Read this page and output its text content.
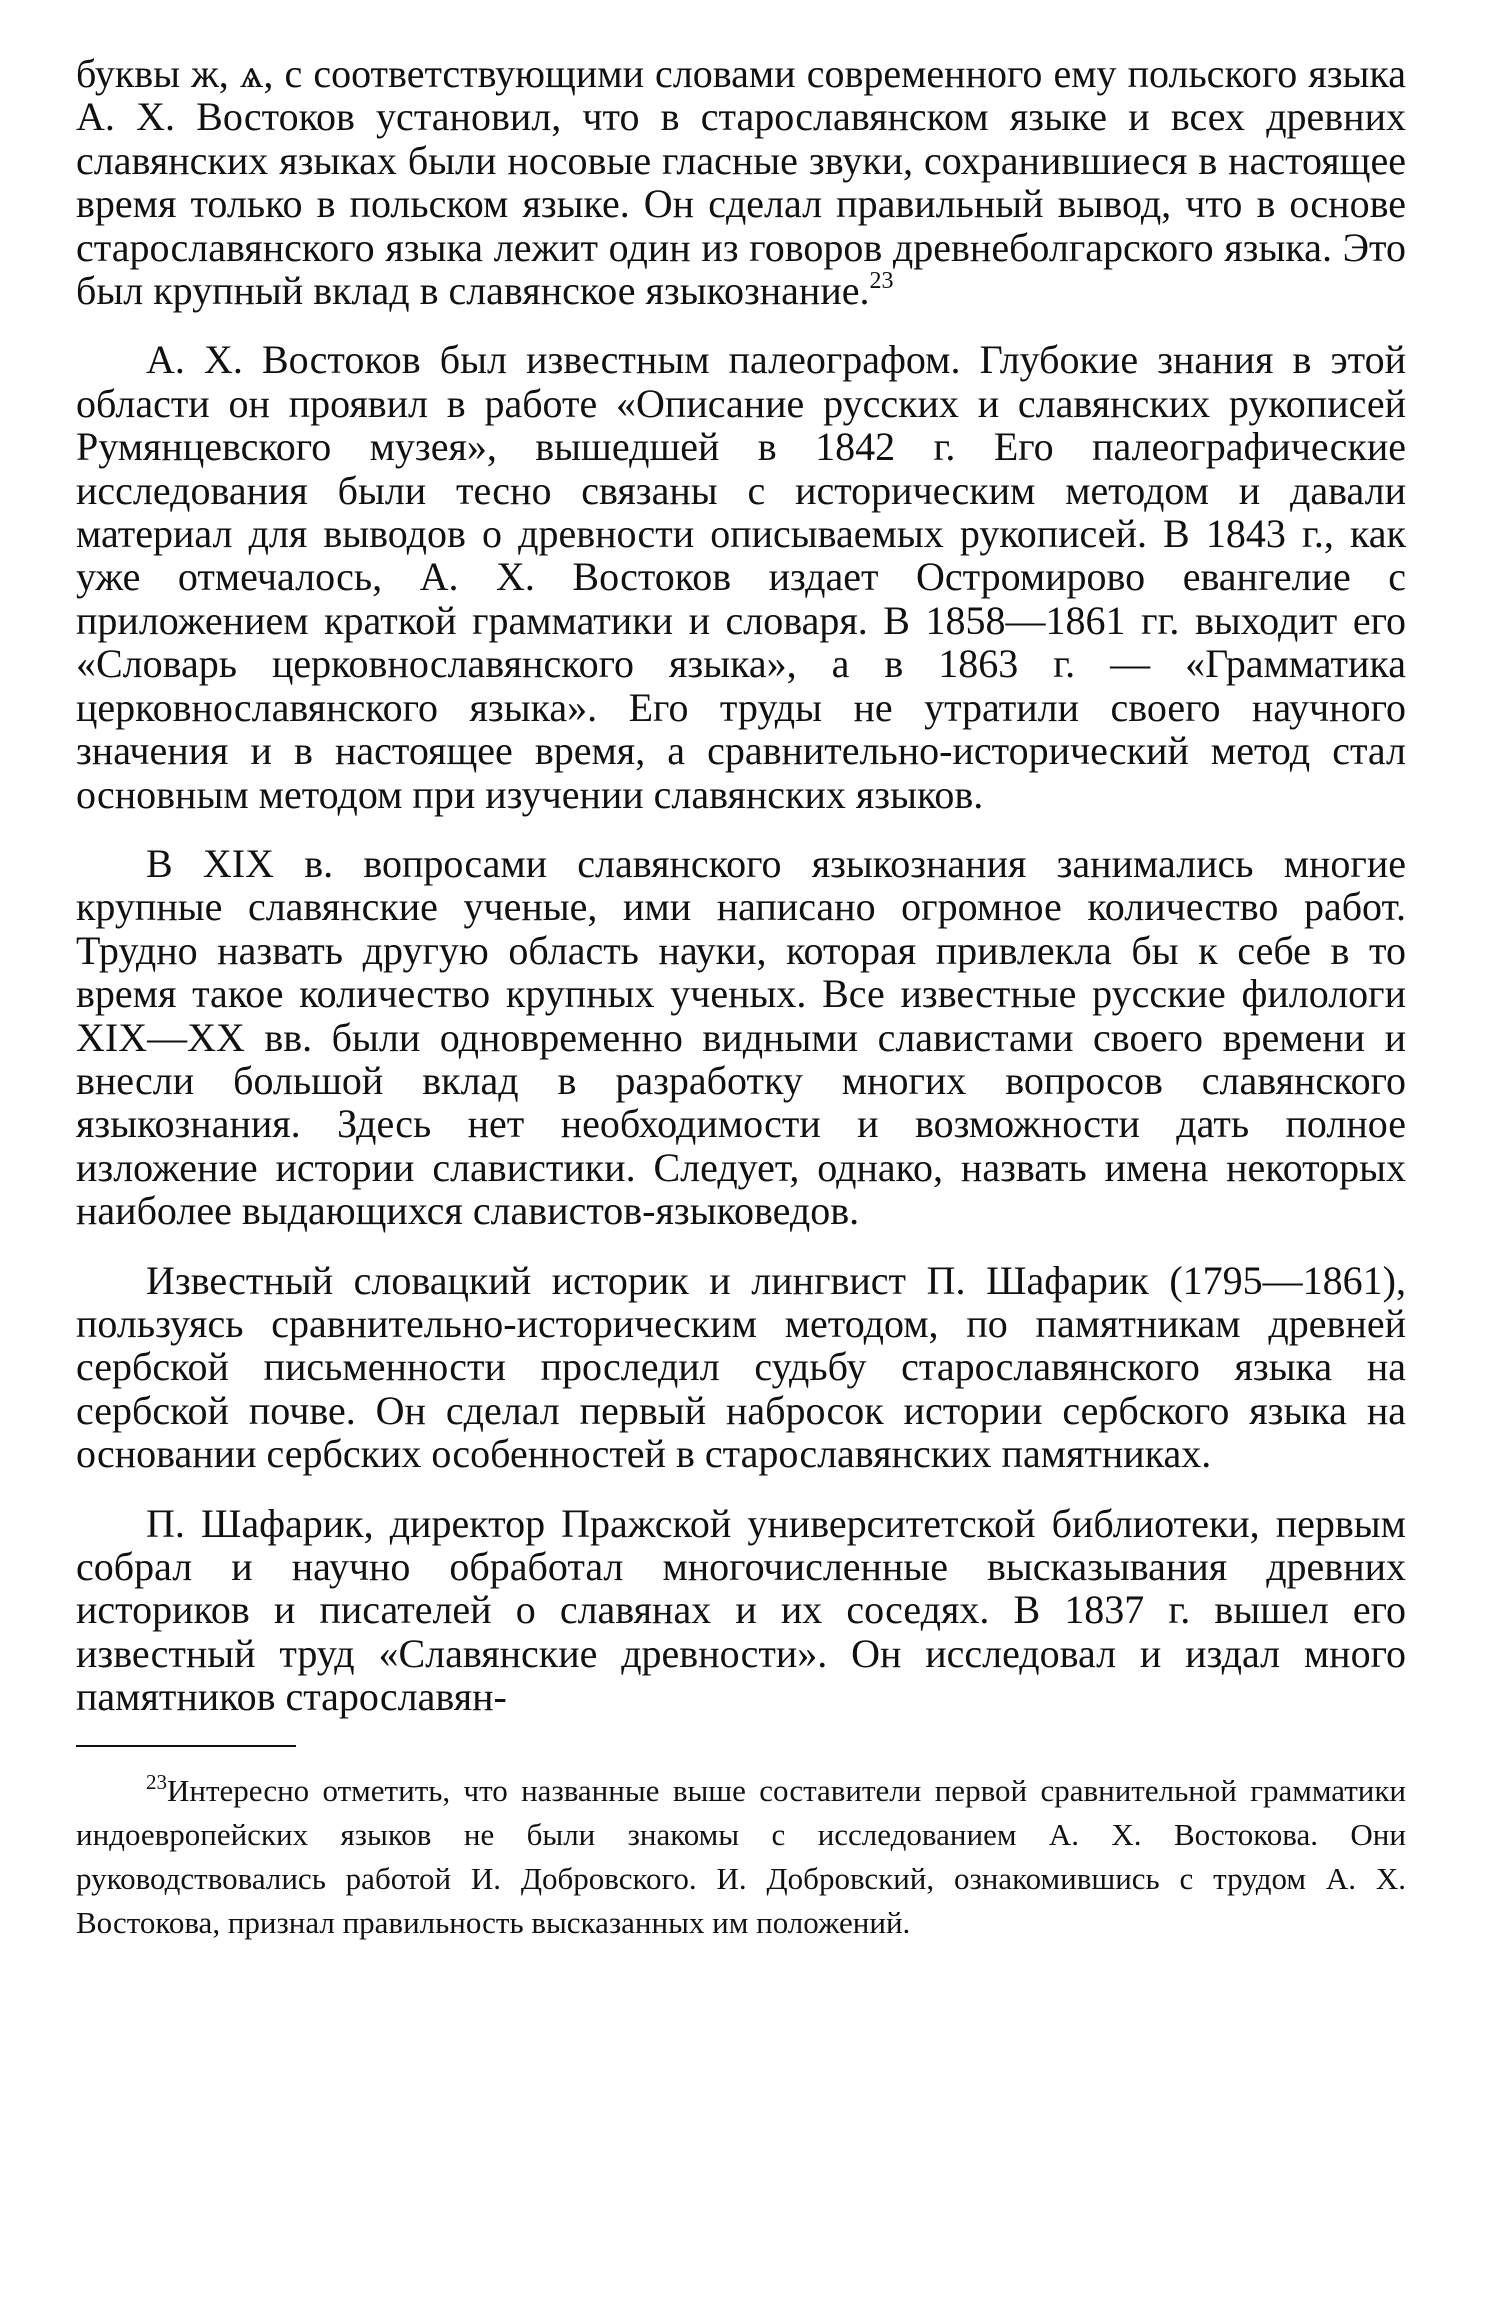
буквы ж, ѧ, с соответствующими словами современного ему польского языка А. Х. Востоков установил, что в старославянском языке и всех древних славянских языках были носовые гласные звуки, сохранившиеся в настоящее время только в польском языке. Он сделал правильный вывод, что в основе старославянского языка лежит один из говоров древнеболгарского языка. Это был крупный вклад в славянское языкознание.$^{23}$

А. Х. Востоков был известным палеографом. Глубокие знания в этой области он проявил в работе «Описание русских и славянских рукописей Румянцевского музея», вышедшей в 1842 г. Его палеографические исследования были тесно связаны с историческим методом и давали материал для выводов о древности описываемых рукописей. В 1843 г., как уже отмечалось, А. Х. Востоков издает Остромирово евангелие с приложением краткой грамматики и словаря. В 1858—1861 гг. выходит его «Словарь церковнославянского языка», а в 1863 г. — «Грамматика церковнославянского языка». Его труды не утратили своего научного значения и в настоящее время, а сравнительно-исторический метод стал основным методом при изучении славянских языков.

В XIX в. вопросами славянского языкознания занимались многие крупные славянские ученые, ими написано огромное количество работ. Трудно назвать другую область науки, которая привлекла бы к себе в то время такое количество крупных ученых. Все известные русские филологи XIX—XX вв. были одновременно видными славистами своего времени и внесли большой вклад в разработку многих вопросов славянского языкознания. Здесь нет необходимости и возможности дать полное изложение истории славистики. Следует, однако, назвать имена некоторых наиболее выдающихся славистов-языковедов.

Известный словацкий историк и лингвист П. Шафарик (1795—1861), пользуясь сравнительно-историческим методом, по памятникам древней сербской письменности проследил судьбу старославянского языка на сербской почве. Он сделал первый набросок истории сербского языка на основании сербских особенностей в старославянских памятниках.

П. Шафарик, директор Пражской университетской библиотеки, первым собрал и научно обработал многочисленные высказывания древних историков и писателей о славянах и их соседях. В 1837 г. вышел его известный труд «Славянские древности». Он исследовал и издал много памятников старославян-

$^{23}$Интересно отметить, что названные выше составители первой сравнительной грамматики индоевропейских языков не были знакомы с исследованием А. Х. Востокова. Они руководствовались работой И. Добровского. И. Добровский, ознакомившись с трудом А. Х. Востокова, признал правильность высказанных им положений.
